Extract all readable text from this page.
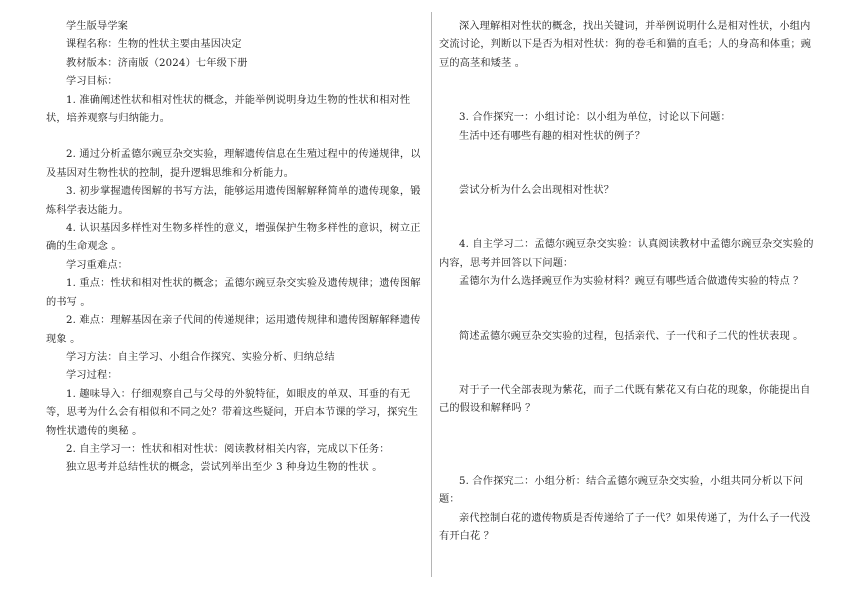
学生版导学案

课程名称：生物的性状主要由基因决定

教材版本：济南版（2024）七年级下册

学习目标：

1. 准确阐述性状和相对性状的概念，并能举例说明身边生物的性状和相对性状，培养观察与归纳能力。

2. 通过分析孟德尔豌豆杂交实验，理解遗传信息在生殖过程中的传递规律，以及基因对生物性状的控制，提升逻辑思维和分析能力。

3. 初步掌握遗传图解的书写方法，能够运用遗传图解解释简单的遗传现象，锻炼科学表达能力。

4. 认识基因多样性对生物多样性的意义，增强保护生物多样性的意识，树立正确的生命观念 。

学习重难点：

1. 重点：性状和相对性状的概念；孟德尔豌豆杂交实验及遗传规律；遗传图解的书写 。

2. 难点：理解基因在亲子代间的传递规律；运用遗传规律和遗传图解解释遗传现象 。

学习方法：自主学习、小组合作探究、实验分析、归纳总结

学习过程：

1. 趣味导入：仔细观察自己与父母的外貌特征，如眼皮的单双、耳垂的有无等，思考为什么会有相似和不同之处？带着这些疑问，开启本节课的学习，探究生物性状遗传的奥秘 。

2. 自主学习一：性状和相对性状：阅读教材相关内容，完成以下任务：

独立思考并总结性状的概念，尝试列举出至少 3 种身边生物的性状 。

深入理解相对性状的概念，找出关键词，并举例说明什么是相对性状，小组内交流讨论，判断以下是否为相对性状：狗的卷毛和猫的直毛；人的身高和体重；豌豆的高茎和矮茎 。

3. 合作探究一：小组讨论：以小组为单位，讨论以下问题：

生活中还有哪些有趣的相对性状的例子？

尝试分析为什么会出现相对性状？

4. 自主学习二：孟德尔豌豆杂交实验：认真阅读教材中孟德尔豌豆杂交实验的内容，思考并回答以下问题：

孟德尔为什么选择豌豆作为实验材料？豌豆有哪些适合做遗传实验的特点 ？

简述孟德尔豌豆杂交实验的过程，包括亲代、子一代和子二代的性状表现 。

对于子一代全部表现为紫花，而子二代既有紫花又有白花的现象，你能提出自己的假设和解释吗 ？

5. 合作探究二：小组分析：结合孟德尔豌豆杂交实验，小组共同分析以下问题：

亲代控制白花的遗传物质是否传递给了子一代？如果传递了，为什么子一代没有开白花 ？
